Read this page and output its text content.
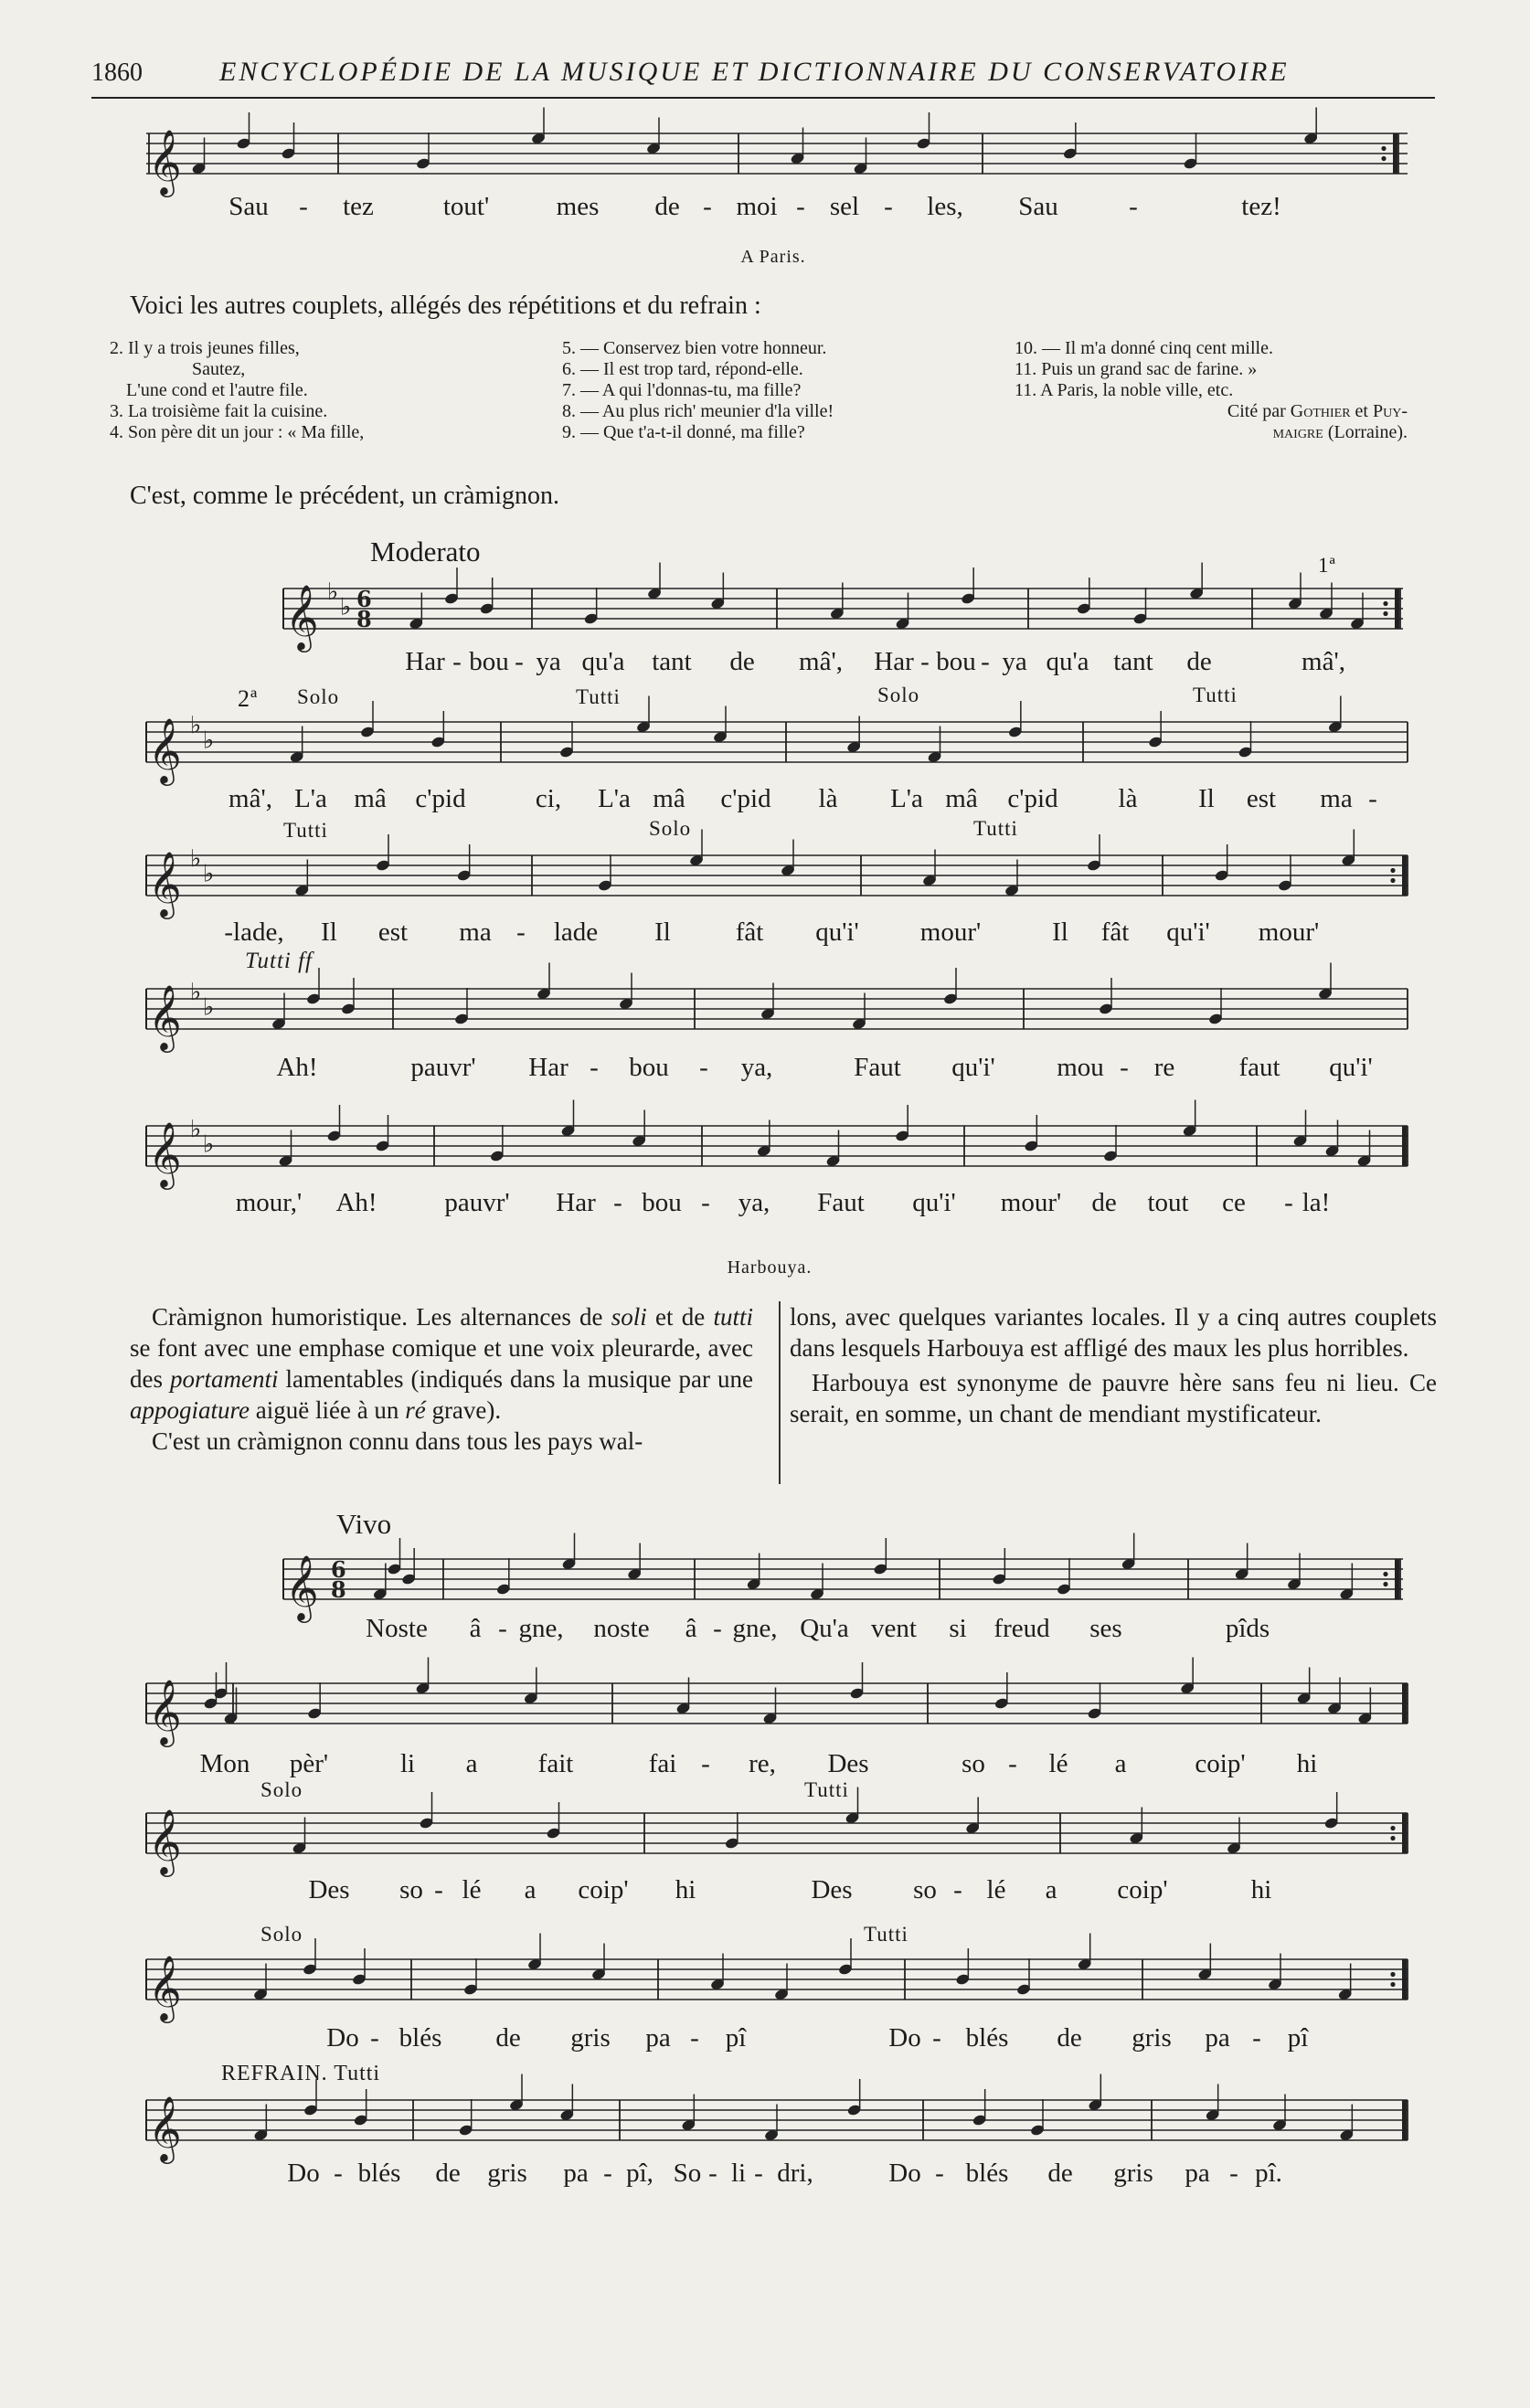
1860	ENCYCLOPÉDIE DE LA MUSIQUE ET DICTIONNAIRE DU CONSERVATOIRE
𝄞
Sau - tez	tout'	mes de - moi - sel - les, Sau	-	tez!
A Paris.
Voici les autres couplets, allégés des répétitions et du refrain :
2. Il y a trois jeunes filles,
Sautez,
L'une cond et l'autre file.
3. La troisième fait la cuisine.
4. Son père dit un jour : « Ma fille,
5. — Conservez bien votre honneur.
6. — Il est trop tard, répond-elle.
7. — A qui l'donnas-tu, ma fille?
8. — Au plus rich' meunier d'la ville!
9. — Que t'a-t-il donné, ma fille?
10. — Il m'a donné cinq cent mille.
11. Puis un grand sac de farine. »
11. A Paris, la noble ville, etc.
Cité par Gothier et Puy-
maigre (Lorraine).
C'est, comme le précédent, un cràmignon.
Moderato
𝄞 ♭
♭ 6
8
1ª
Har - bou - ya qu'a tant de mâ', Har - bou - ya qu'a tant de	mâ',
𝄞 ♭
♭
2ª Solo	Tutti	Solo	Tutti
mâ', L'a mâ c'pid	ci, L'a mâ c'pid là L'a mâ c'pid là Il est ma -
𝄞 ♭
♭
Tutti	Solo	Tutti
-lade, Il est ma - lade Il fât qu'i' mour'	Il fât qu'i' mour'
𝄞 ♭
♭
Tutti ff
Ah!	pauvr' Har - bou - ya,	Faut qu'i' mou - re faut qu'i'
𝄞 ♭
♭
mour,' Ah!	pauvr' Har - bou - ya, Faut qu'i' mour' de tout ce - la!
Harbouya.
Cràmignon humoristique. Les alternances de soli et de tutti se font avec une emphase comique et une voix pleurarde, avec des portamenti lamentables (indiqués dans la musique par une appogiature aiguë liée à un ré grave).
C'est un cràmignon connu dans tous les pays wal-
lons, avec quelques variantes locales. Il y a cinq autres couplets dans lesquels Harbouya est affligé des maux les plus horribles.
Harbouya est synonyme de pauvre hère sans feu ni lieu. Ce serait, en somme, un chant de mendiant mystificateur.
Vivo
𝄞 6
8
Noste â - gne, noste â - gne, Qu'a vent si freud ses	pîds
𝄞
Mon pèr'	li a fait	fai - re, Des	so - lé a	coip' hi
𝄞
Solo	Tutti
Des so - lé a coip' hi	Des so - lé a coip'	hi
𝄞
Solo	Tutti
Do - blés de gris pa - pî	Do - blés de gris pa - pî
𝄞
REFRAIN. Tutti
Do - blés de gris pa - pî, So - li - dri,	Do - blés de gris pa - pî.
